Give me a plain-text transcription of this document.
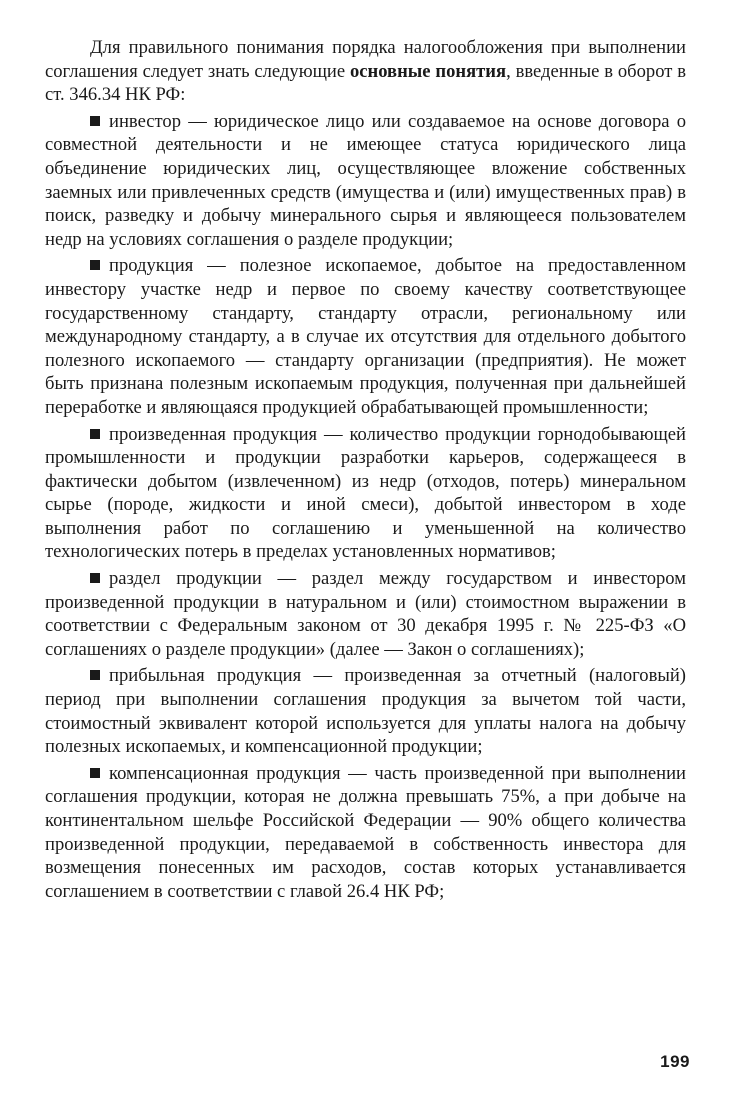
Для правильного понимания порядка налогообложения при выполнении соглашения следует знать следующие основные понятия, введенные в оборот в ст. 346.34 НК РФ:

инвестор — юридическое лицо или создаваемое на основе договора о совместной деятельности и не имеющее статуса юридического лица объединение юридических лиц, осуществляющее вложение собственных заемных или привлеченных средств (имущества и (или) имущественных прав) в поиск, разведку и добычу минерального сырья и являющееся пользователем недр на условиях соглашения о разделе продукции;

продукция — полезное ископаемое, добытое на предоставленном инвестору участке недр и первое по своему качеству соответствующее государственному стандарту, стандарту отрасли, региональному или международному стандарту, а в случае их отсутствия для отдельного добытого полезного ископаемого — стандарту организации (предприятия). Не может быть признана полезным ископаемым продукция, полученная при дальнейшей переработке и являющаяся продукцией обрабатывающей промышленности;

произведенная продукция — количество продукции горнодобывающей промышленности и продукции разработки карьеров, содержащееся в фактически добытом (извлеченном) из недр (отходов, потерь) минеральном сырье (породе, жидкости и иной смеси), добытой инвестором в ходе выполнения работ по соглашению и уменьшенной на количество технологических потерь в пределах установленных нормативов;

раздел продукции — раздел между государством и инвестором произведенной продукции в натуральном и (или) стоимостном выражении в соответствии с Федеральным законом от 30 декабря 1995 г. № 225-ФЗ «О соглашениях о разделе продукции» (далее — Закон о соглашениях);

прибыльная продукция — произведенная за отчетный (налоговый) период при выполнении соглашения продукция за вычетом той части, стоимостный эквивалент которой используется для уплаты налога на добычу полезных ископаемых, и компенсационной продукции;

компенсационная продукция — часть произведенной при выполнении соглашения продукции, которая не должна превышать 75%, а при добыче на континентальном шельфе Российской Федерации — 90% общего количества произведенной продукции, передаваемой в собственность инвестора для возмещения понесенных им расходов, состав которых устанавливается соглашением в соответствии с главой 26.4 НК РФ;

199
